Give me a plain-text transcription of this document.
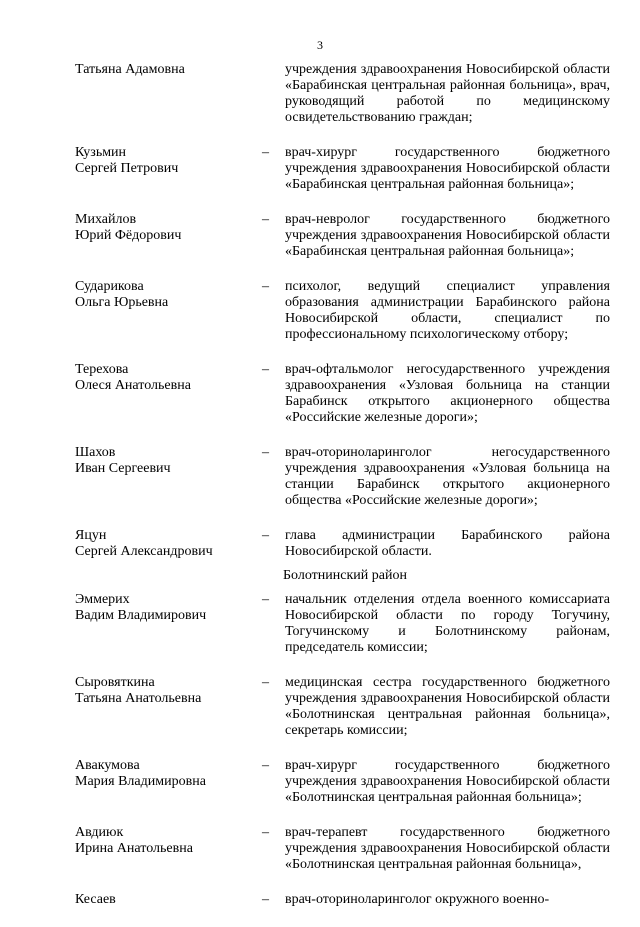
3
Татьяна Адамовна	учреждения здравоохранения Новосибирской области «Барабинская центральная районная больница», врач, руководящий работой по медицинскому освидетельствованию граждан;
Кузьмин
Сергей Петрович
–	врач-хирург государственного бюджетного учреждения здравоохранения Новосибирской области «Барабинская центральная районная больница»;
Михайлов
Юрий Фёдорович
–	врач-невролог государственного бюджетного учреждения здравоохранения Новосибирской области «Барабинская центральная районная больница»;
Сударикова
Ольга Юрьевна
–	психолог, ведущий специалист управления образования администрации Барабинского района Новосибирской области, специалист по профессиональному психологическому отбору;
Терехова
Олеся Анатольевна
–	врач-офтальмолог негосударственного учреждения здравоохранения «Узловая больница на станции Барабинск открытого акционерного общества «Российские железные дороги»;
Шахов
Иван Сергеевич
–	врач-оториноларинголог негосударственного учреждения здравоохранения «Узловая больница на станции Барабинск открытого акционерного общества «Российские железные дороги»;
Яцун
Сергей Александрович
–	глава администрации Барабинского района Новосибирской области.
Болотнинский район
Эммерих
Вадим Владимирович
–	начальник отделения отдела военного комиссариата Новосибирской области по городу Тогучину, Тогучинскому и Болотнинскому районам, председатель комиссии;
Сыровяткина
Татьяна Анатольевна
–	медицинская сестра государственного бюджетного учреждения здравоохранения Новосибирской области «Болотнинская центральная районная больница», секретарь комиссии;
Авакумова
Мария Владимировна
–	врач-хирург государственного бюджетного учреждения здравоохранения Новосибирской области «Болотнинская центральная районная больница»;
Авдиюк
Ирина Анатольевна
–	врач-терапевт государственного бюджетного учреждения здравоохранения Новосибирской области «Болотнинская центральная районная больница»,
Кесаев	–	врач-оториноларинголог окружного военно-
